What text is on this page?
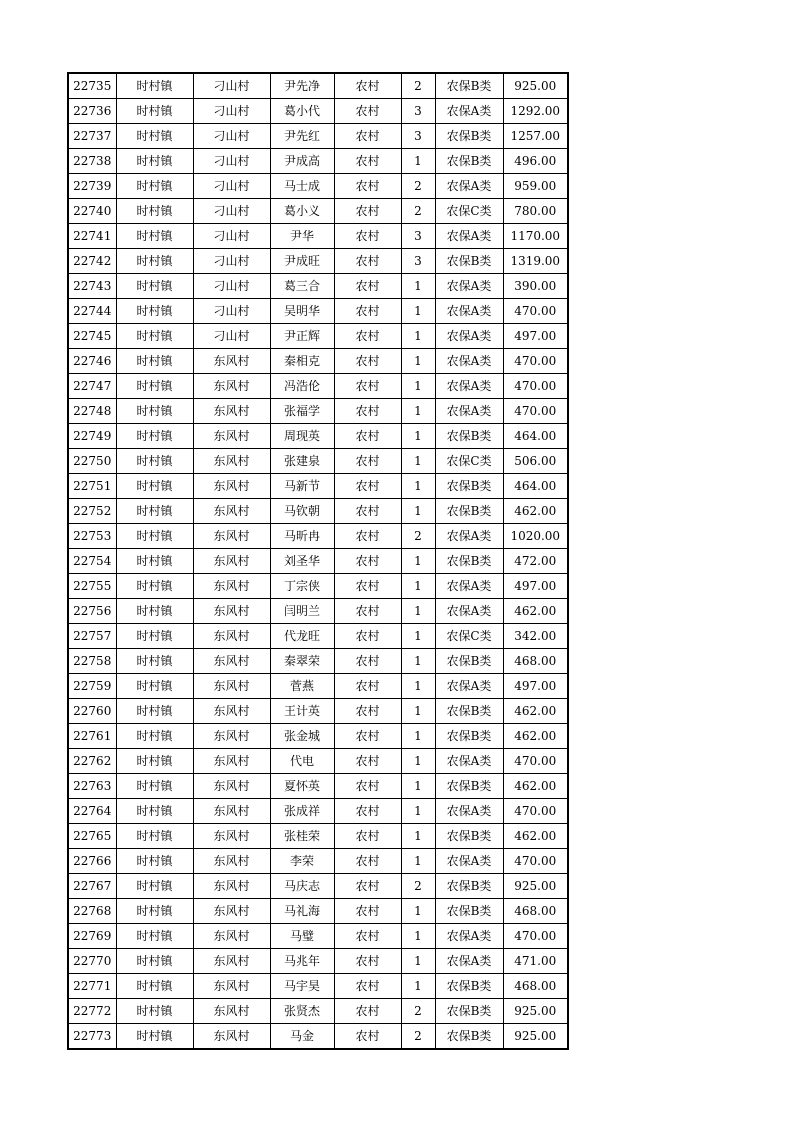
22735	时村镇	刁山村	尹先净	农村	2	农保B类	925.00
22736	时村镇	刁山村	葛小代	农村	3	农保A类	1292.00
22737	时村镇	刁山村	尹先红	农村	3	农保B类	1257.00
22738	时村镇	刁山村	尹成高	农村	1	农保B类	496.00
22739	时村镇	刁山村	马士成	农村	2	农保A类	959.00
22740	时村镇	刁山村	葛小义	农村	2	农保C类	780.00
22741	时村镇	刁山村	尹华	农村	3	农保A类	1170.00
22742	时村镇	刁山村	尹成旺	农村	3	农保B类	1319.00
22743	时村镇	刁山村	葛三合	农村	1	农保A类	390.00
22744	时村镇	刁山村	吴明华	农村	1	农保A类	470.00
22745	时村镇	刁山村	尹正辉	农村	1	农保A类	497.00
22746	时村镇	东风村	秦相克	农村	1	农保A类	470.00
22747	时村镇	东风村	冯浩伦	农村	1	农保A类	470.00
22748	时村镇	东风村	张福学	农村	1	农保A类	470.00
22749	时村镇	东风村	周现英	农村	1	农保B类	464.00
22750	时村镇	东风村	张建泉	农村	1	农保C类	506.00
22751	时村镇	东风村	马新节	农村	1	农保B类	464.00
22752	时村镇	东风村	马钦朝	农村	1	农保B类	462.00
22753	时村镇	东风村	马昕冉	农村	2	农保A类	1020.00
22754	时村镇	东风村	刘圣华	农村	1	农保B类	472.00
22755	时村镇	东风村	丁宗侠	农村	1	农保A类	497.00
22756	时村镇	东风村	闫明兰	农村	1	农保A类	462.00
22757	时村镇	东风村	代龙旺	农村	1	农保C类	342.00
22758	时村镇	东风村	秦翠荣	农村	1	农保B类	468.00
22759	时村镇	东风村	菅燕	农村	1	农保A类	497.00
22760	时村镇	东风村	王计英	农村	1	农保B类	462.00
22761	时村镇	东风村	张金城	农村	1	农保B类	462.00
22762	时村镇	东风村	代电	农村	1	农保A类	470.00
22763	时村镇	东风村	夏怀英	农村	1	农保B类	462.00
22764	时村镇	东风村	张成祥	农村	1	农保A类	470.00
22765	时村镇	东风村	张桂荣	农村	1	农保B类	462.00
22766	时村镇	东风村	李荣	农村	1	农保A类	470.00
22767	时村镇	东风村	马庆志	农村	2	农保B类	925.00
22768	时村镇	东风村	马礼海	农村	1	农保B类	468.00
22769	时村镇	东风村	马璧	农村	1	农保A类	470.00
22770	时村镇	东风村	马兆年	农村	1	农保A类	471.00
22771	时村镇	东风村	马宇昊	农村	1	农保B类	468.00
22772	时村镇	东风村	张贤杰	农村	2	农保B类	925.00
22773	时村镇	东风村	马金	农村	2	农保B类	925.00
